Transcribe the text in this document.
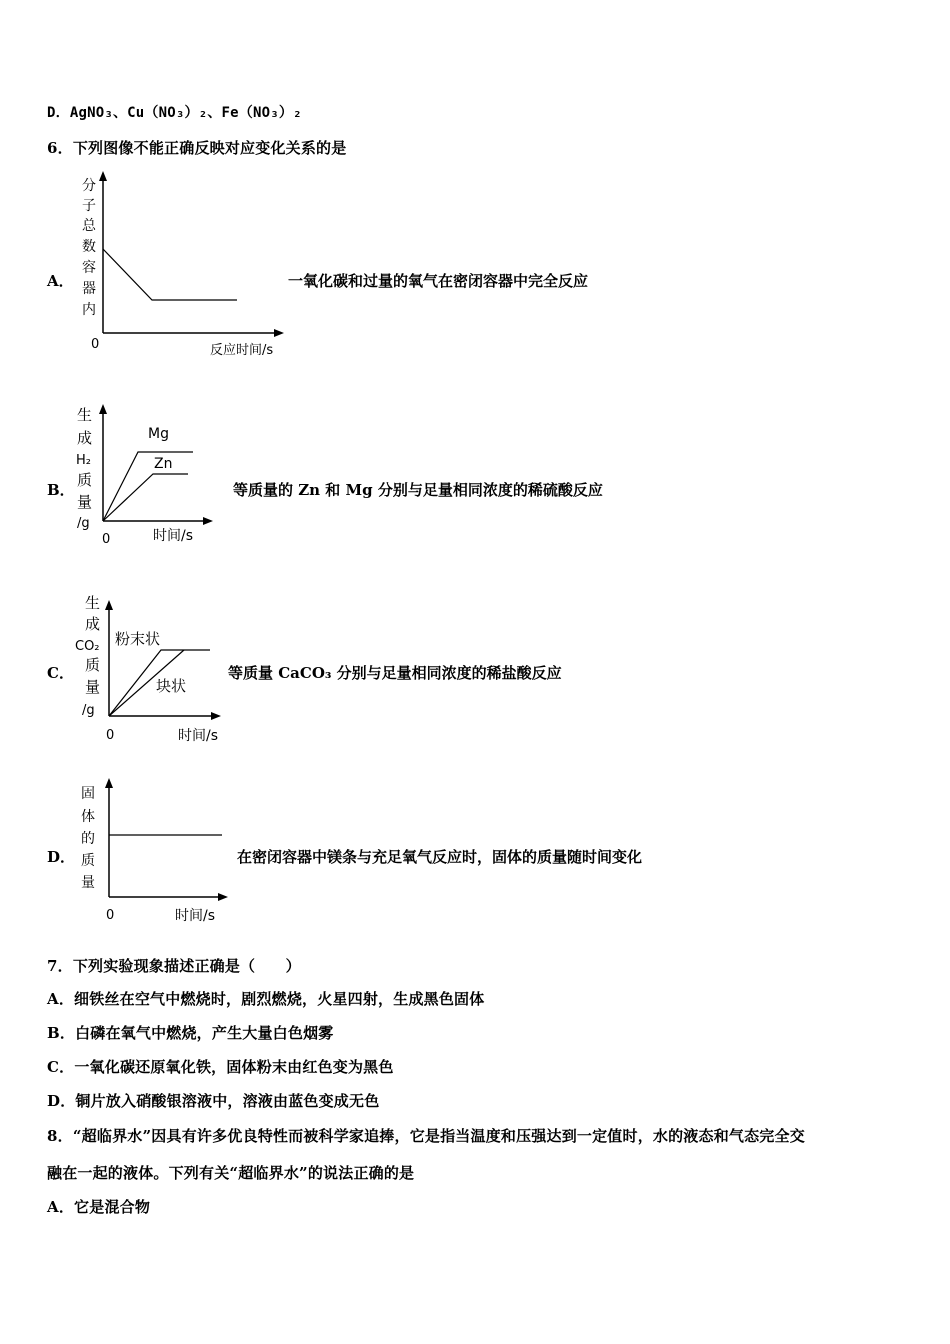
D．AgNO₃、Cu（NO₃）₂、Fe（NO₃）₂
6．下列图像不能正确反映对应变化关系的是
A．
分
子
总
数
容
器
内
0	反应时间/s
一氧化碳和过量的氧气在密闭容器中完全反应
B．
生
成
H₂
质
量
/g
Mg
Zn
0	时间/s
等质量的 Zn 和 Mg 分别与足量相同浓度的稀硫酸反应
C．
生
成
CO₂
质
量
/g
粉末状
块状
0	时间/s
等质量 CaCO₃ 分别与足量相同浓度的稀盐酸反应
D．
固
体
的
质
量
0	时间/s
在密闭容器中镁条与充足氧气反应时，固体的质量随时间变化
7．下列实验现象描述正确是（　　）
A．细铁丝在空气中燃烧时，剧烈燃烧，火星四射，生成黑色固体
B．白磷在氧气中燃烧，产生大量白色烟雾
C．一氧化碳还原氧化铁，固体粉末由红色变为黑色
D．铜片放入硝酸银溶液中，溶液由蓝色变成无色
8．“超临界水”因具有许多优良特性而被科学家追捧，它是指当温度和压强达到一定值时，水的液态和气态完全交
融在一起的液体。下列有关“超临界水”的说法正确的是
A．它是混合物
